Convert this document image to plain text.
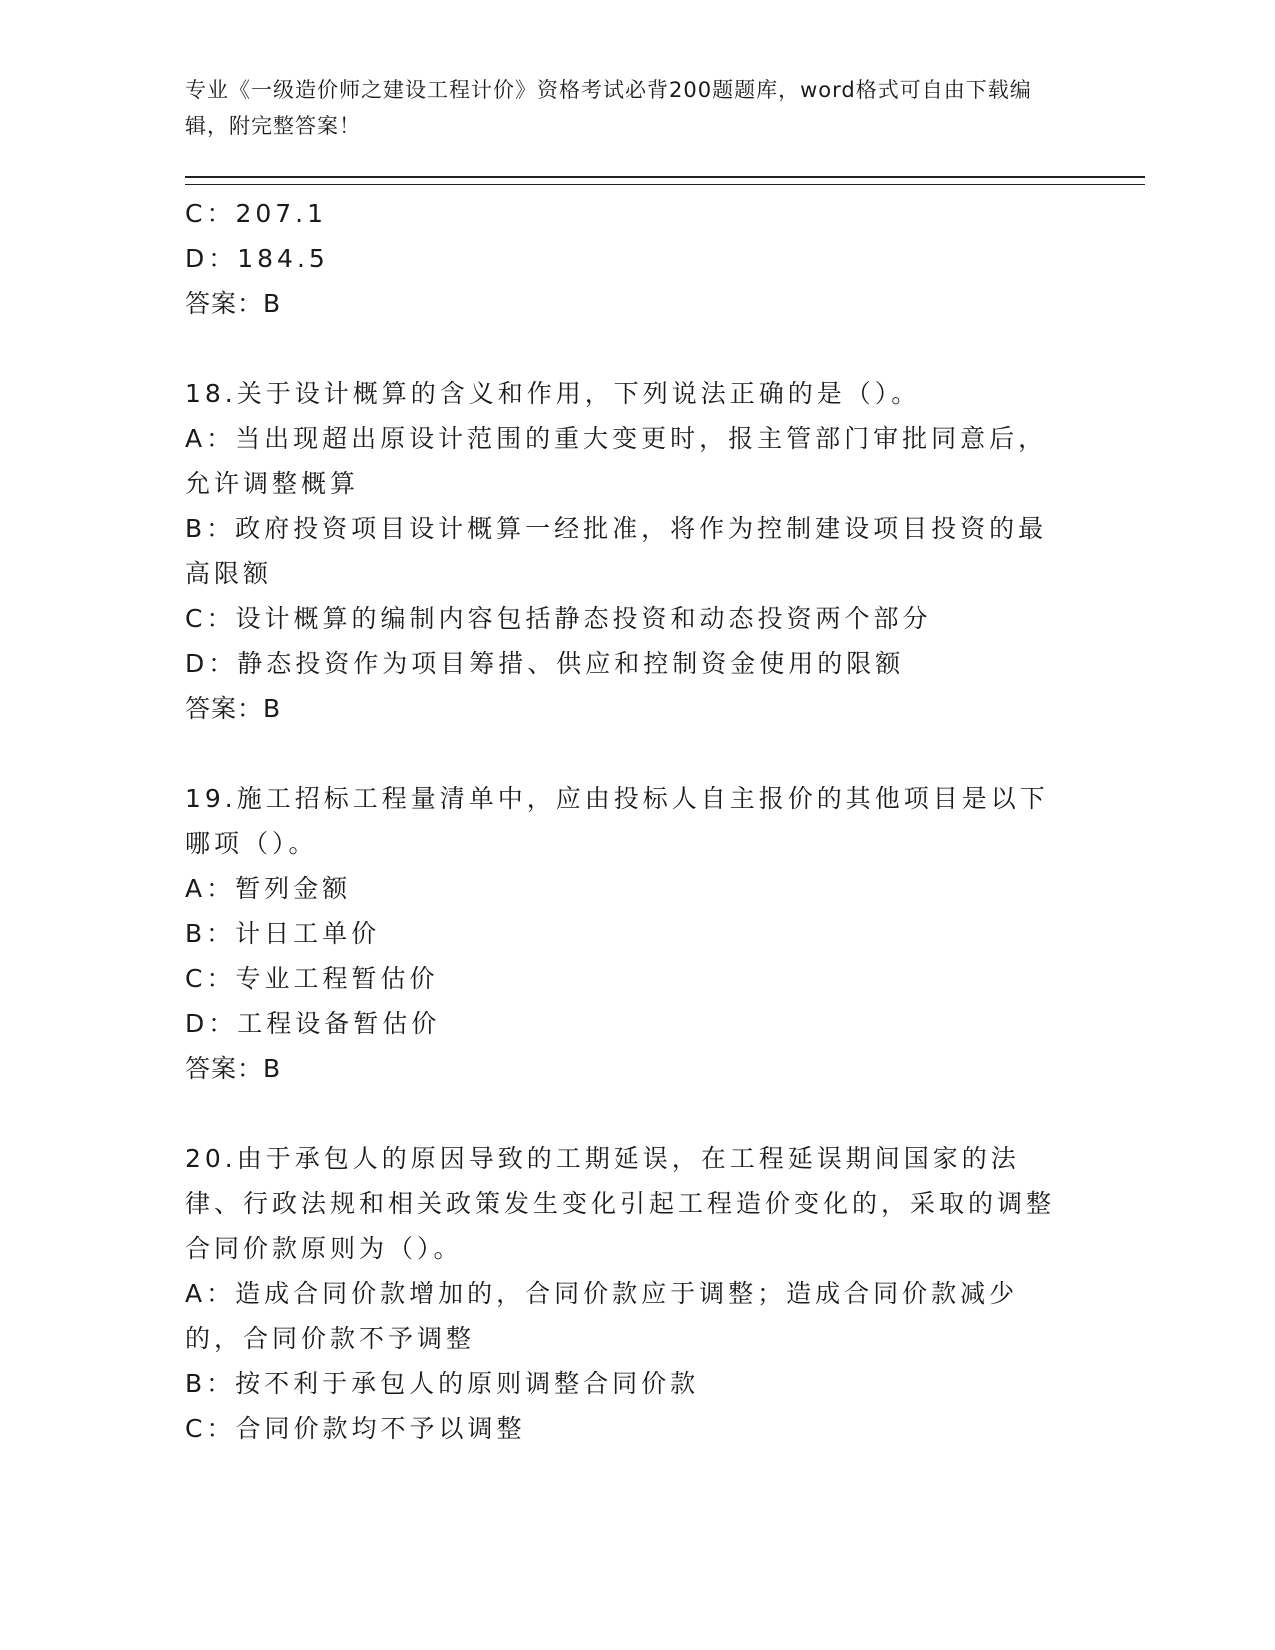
专业《一级造价师之建设工程计价》资格考试必背200题题库，word格式可自由下载编辑，附完整答案！
C：207.1
D：184.5
答案：B
18.关于设计概算的含义和作用，下列说法正确的是（）。
A：当出现超出原设计范围的重大变更时，报主管部门审批同意后，允许调整概算
B：政府投资项目设计概算一经批准，将作为控制建设项目投资的最高限额
C：设计概算的编制内容包括静态投资和动态投资两个部分
D：静态投资作为项目筹措、供应和控制资金使用的限额
答案：B
19.施工招标工程量清单中，应由投标人自主报价的其他项目是以下哪项（）。
A：暂列金额
B：计日工单价
C：专业工程暂估价
D：工程设备暂估价
答案：B
20.由于承包人的原因导致的工期延误，在工程延误期间国家的法律、行政法规和相关政策发生变化引起工程造价变化的，采取的调整合同价款原则为（）。
A：造成合同价款增加的，合同价款应于调整；造成合同价款减少的，合同价款不予调整
B：按不利于承包人的原则调整合同价款
C：合同价款均不予以调整
